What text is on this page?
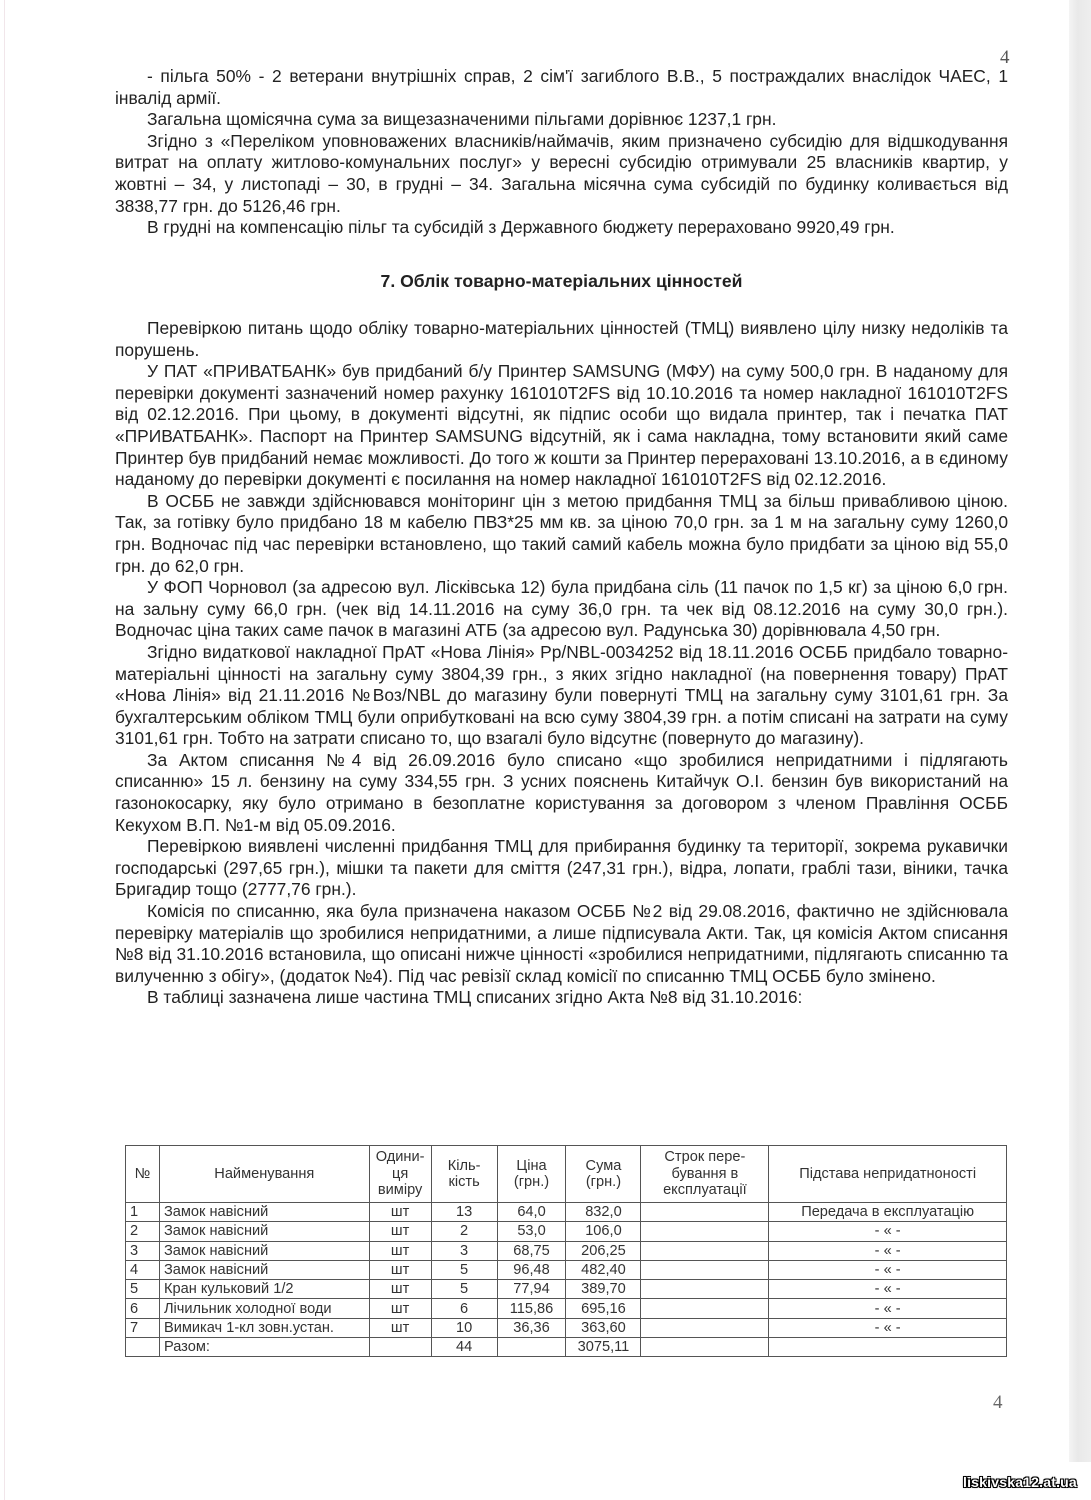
4

- пільга 50% - 2 ветерани внутрішніх справ, 2 сім'ї загиблого В.В., 5 постраждалих внаслідок ЧАЕС, 1 інвалід армії.

Загальна щомісячна сума за вищезазначеними пільгами дорівнює 1237,1 грн.

Згідно з «Переліком уповноважених власників/наймачів, яким призначено субсидію для відшкодування витрат на оплату житлово-комунальних послуг» у вересні субсидію отримували 25 власників квартир, у жовтні – 34, у листопаді – 30, в грудні – 34. Загальна місячна сума субсидій по будинку коливається від 3838,77 грн. до 5126,46 грн.

В грудні на компенсацію пільг та субсидій з Державного бюджету перераховано 9920,49 грн.

7. Облік товарно-матеріальних цінностей

Перевіркою питань щодо обліку товарно-матеріальних цінностей (ТМЦ) виявлено цілу низку недоліків та порушень.

У ПАТ «ПРИВАТБАНК» був придбаний б/у Принтер SAMSUNG (МФУ) на суму 500,0 грн. В наданому для перевірки документі зазначений номер рахунку 161010T2FS від 10.10.2016 та номер накладної 161010T2FS від 02.12.2016. При цьому, в документі відсутні, як підпис особи що видала принтер, так і печатка ПАТ «ПРИВАТБАНК». Паспорт на Принтер SAMSUNG відсутній, як і сама накладна, тому встановити який саме Принтер був придбаний немає можливості. До того ж кошти за Принтер перераховані 13.10.2016, а в єдиному наданому до перевірки документі є посилання на номер накладної 161010T2FS від 02.12.2016.

В ОСББ не завжди здійснювався моніторинг цін з метою придбання ТМЦ за більш привабливою ціною. Так, за готівку було придбано 18 м кабелю ПВЗ*25 мм кв. за ціною 70,0 грн. за 1 м на загальну суму 1260,0 грн. Водночас під час перевірки встановлено, що такий самий кабель можна було придбати за ціною від 55,0 грн. до 62,0 грн.

У ФОП Чорновол (за адресою вул. Лісківська 12) була придбана сіль (11 пачок по 1,5 кг) за ціною 6,0 грн. на зальну суму 66,0 грн. (чек від 14.11.2016 на суму 36,0 грн. та чек від 08.12.2016 на суму 30,0 грн.). Водночас ціна таких саме пачок в магазині АТБ (за адресою вул. Радунська 30) дорівнювала 4,50 грн.

Згідно видаткової накладної ПрАТ «Нова Лінія» Рр/NBL-0034252 від 18.11.2016 ОСББ придбало товарно-матеріальні цінності на загальну суму 3804,39 грн., з яких згідно накладної (на повернення товару) ПрАТ «Нова Лінія» від 21.11.2016 №Воз/NBL до магазину були повернуті ТМЦ на загальну суму 3101,61 грн. За бухгалтерським обліком ТМЦ були оприбутковані на всю суму 3804,39 грн. а потім списані на затрати на суму 3101,61 грн. Тобто на затрати списано то, що взагалі було відсутнє (повернуто до магазину).

За Актом списання №4 від 26.09.2016 було списано «що зробилися непридатними і підлягають списанню» 15 л. бензину на суму 334,55 грн. З усних пояснень Китайчук О.І. бензин був використаний на газонокосарку, яку було отримано в безоплатне користування за договором з членом Правління ОСББ Кекухом В.П. №1-м від 05.09.2016.

Перевіркою виявлені численні придбання ТМЦ для прибирання будинку та території, зокрема рукавички господарські (297,65 грн.), мішки та пакети для сміття (247,31 грн.), відра, лопати, граблі тази, віники, тачка Бригадир тощо (2777,76 грн.).

Комісія по списанню, яка була призначена наказом ОСББ №2 від 29.08.2016, фактично не здійснювала перевірку матеріалів що зробилися непридатними, а лише підписувала Акти. Так, ця комісія Актом списання №8 від 31.10.2016 встановила, що описані нижче цінності «зробилися непридатними, підлягають списанню та вилученню з обігу», (додаток №4). Під час ревізії склад комісії по списанню ТМЦ ОСББ було змінено.

В таблиці зазначена лише частина ТМЦ списаних згідно Акта №8 від 31.10.2016:

№	Найменування	Одини-ця виміру	Кіль-кість	Ціна (грн.)	Сума (грн.)	Строк пере-бування в експлуатації	Підстава непридатноності
1	Замок навісний	шт	13	64,0	832,0		Передача в експлуатацію
2	Замок навісний	шт	2	53,0	106,0		- « -
3	Замок навісний	шт	3	68,75	206,25		- « -
4	Замок навісний	шт	5	96,48	482,40		- « -
5	Кран кульковий 1/2	шт	5	77,94	389,70		- « -
6	Лічильник холодної води	шт	6	115,86	695,16		- « -
7	Вимикач 1-кл зовн.устан.	шт	10	36,36	363,60		- « -
	Разом:		44		3075,11		
4
liskivska12.at.ua
